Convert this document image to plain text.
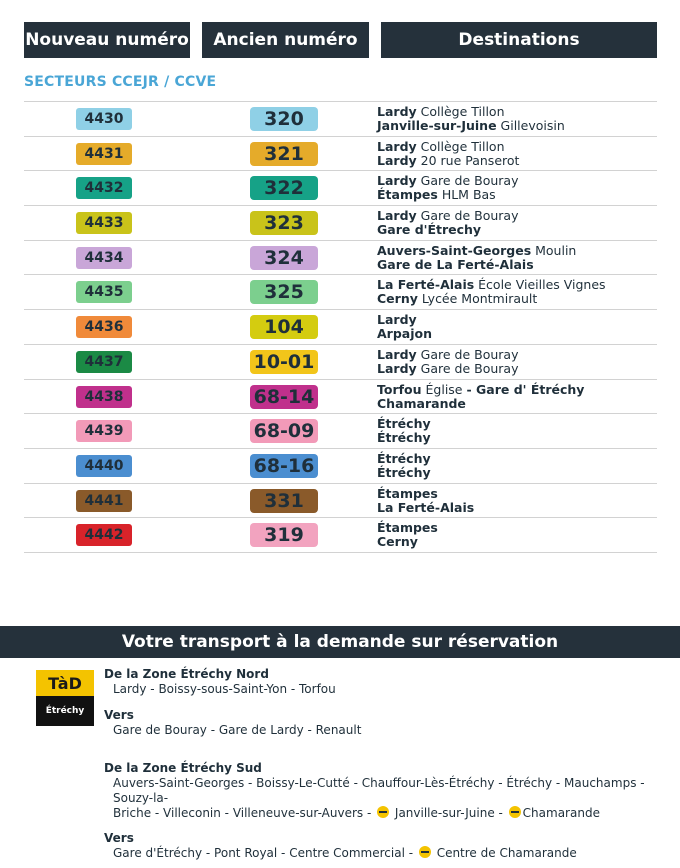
Nouveau numéro	Ancien numéro	Destinations
SECTEURS CCEJR / CCVE
4430	320	Lardy Collège Tillon
Janville-sur-Juine Gillevoisin
4431	321	Lardy Collège Tillon
Lardy 20 rue Panserot
4432	322	Lardy Gare de Bouray
Étampes HLM Bas
4433	323	Lardy Gare de Bouray
Gare d'Étrechy
4434	324	Auvers-Saint-Georges Moulin
Gare de La Ferté-Alais
4435	325	La Ferté-Alais École Vieilles Vignes
Cerny Lycée Montmirault
4436	104	Lardy
Arpajon
4437	10-01	Lardy Gare de Bouray
Lardy Gare de Bouray
4438	68-14	Torfou Église - Gare d' Étréchy
Chamarande
4439	68-09	Étréchy
Étréchy
4440	68-16	Étréchy
Étréchy
4441	331	Étampes
La Ferté-Alais
4442	319	Étampes
Cerny
Votre transport à la demande sur réservation
TàD
Étréchy
De la Zone Étréchy Nord
Lardy - Boissy-sous-Saint-Yon - Torfou
Vers
Gare de Bouray - Gare de Lardy - Renault
De la Zone Étréchy Sud
Auvers-Saint-Georges - Boissy-Le-Cutté - Chauffour-Lès-Étréchy - Étréchy - Mauchamps - Souzy-la-
Briche - Villeconin - Villeneuve-sur-Auvers -  Janville-sur-Juine - Chamarande
Vers
Gare d'Étréchy - Pont Royal - Centre Commercial -  Centre de Chamarande
